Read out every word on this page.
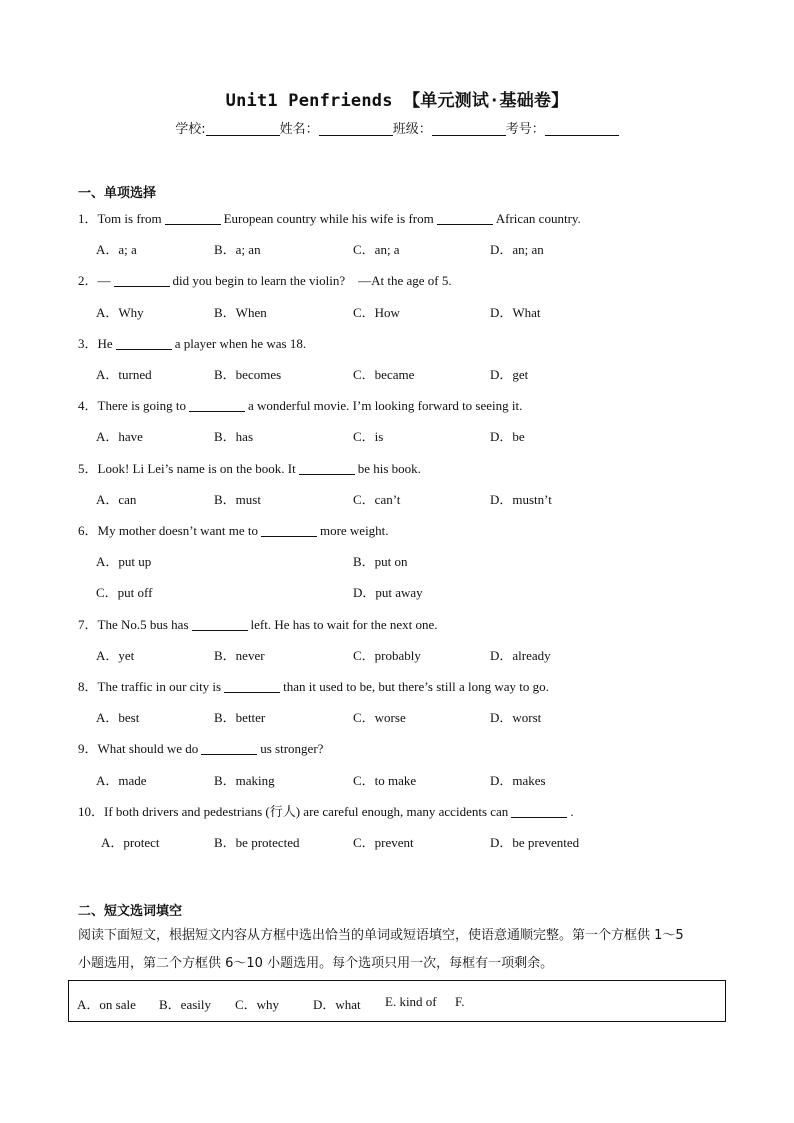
Unit1 Penfriends 【单元测试·基础卷】
学校:	姓名：	班级：	考号：
一、单项选择
1．Tom is from	European country while his wife is from	African country.
A．a; a	B．a; an	C．an; a	D．an; an
2．—	did you begin to learn the violin?　—At the age of 5.
A．Why	B．When	C．How	D．What
3．He	a player when he was 18.
A．turned	B．becomes	C．became	D．get
4．There is going to	a wonderful movie. I’m looking forward to seeing it.
A．have	B．has	C．is	D．be
5．Look! Li Lei’s name is on the book. It	be his book.
A．can	B．must	C．can’t	D．mustn’t
6．My mother doesn’t want me to	more weight.
A．put up	B．put on
C．put off	D．put away
7．The No.5 bus has	left. He has to wait for the next one.
A．yet	B．never	C．probably	D．already
8．The traffic in our city is	than it used to be, but there’s still a long way to go.
A．best	B．better	C．worse	D．worst
9．What should we do	us stronger?
A．made	B．making	C．to make	D．makes
10．If both drivers and pedestrians (行人) are careful enough, many accidents can	.
A．protect	B．be protected	C．prevent	D．be prevented
二、短文选词填空
阅读下面短文，根据短文内容从方框中选出恰当的单词或短语填空，使语意通顺完整。第一个方框供 1～5
小题选用，第二个方框供 6～10 小题选用。每个选项只用一次，每框有一项剩余。
A．on sale B．easily C．why	D．what E. kind of F.
